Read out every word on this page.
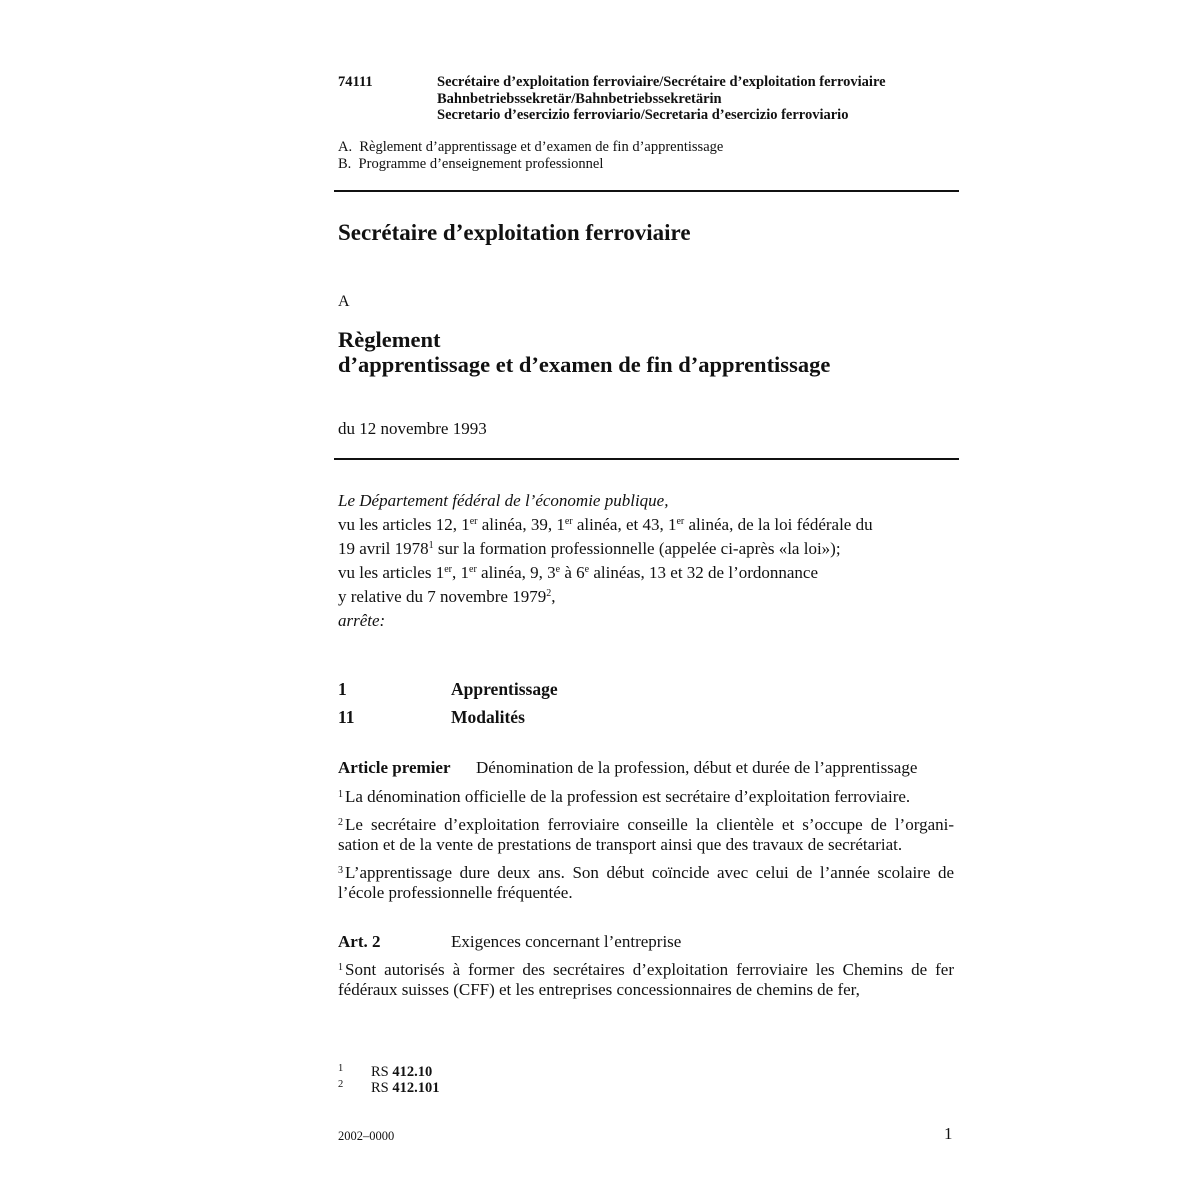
74111	Secrétaire d’exploitation ferroviaire/Secrétaire d’exploitation ferroviaire
Bahnbetriebssekretär/Bahnbetriebssekretärin
Secretario d’esercizio ferroviario/Secretaria d’esercizio ferroviario
A.  Règlement d’apprentissage et d’examen de fin d’apprentissage
B.  Programme d’enseignement professionnel
Secrétaire d’exploitation ferroviaire
A
Règlement
d’apprentissage et d’examen de fin d’apprentissage
du 12 novembre 1993
Le Département fédéral de l’économie publique,
vu les articles 12, 1er alinéa, 39, 1er alinéa, et 43, 1er alinéa, de la loi fédérale du
19 avril 1978$^1$ sur la formation professionnelle (appelée ci-après «la loi»);
vu les articles 1er, 1er alinéa, 9, 3e à 6e alinéas, 13 et 32 de l’ordonnance
y relative du 7 novembre 1979$^2$,
arrête:
1	Apprentissage
11	Modalités
Article premier Dénomination de la profession, début et durée de l’apprentissage
$^1$ La dénomination officielle de la profession est secrétaire d’exploitation ferroviaire.
$^2$ Le secrétaire d’exploitation ferroviaire conseille la clientèle et s’occupe de l’organi-sation et de la vente de prestations de transport ainsi que des travaux de secrétariat.
$^3$ L’apprentissage dure deux ans. Son début coïncide avec celui de l’année scolaire de l’école professionnelle fréquentée.
Art. 2	Exigences concernant l’entreprise
$^1$ Sont autorisés à former des secrétaires d’exploitation ferroviaire les Chemins de fer fédéraux suisses (CFF) et les entreprises concessionnaires de chemins de fer,
1 RS 412.10
2 RS 412.101
2002–0000	1
